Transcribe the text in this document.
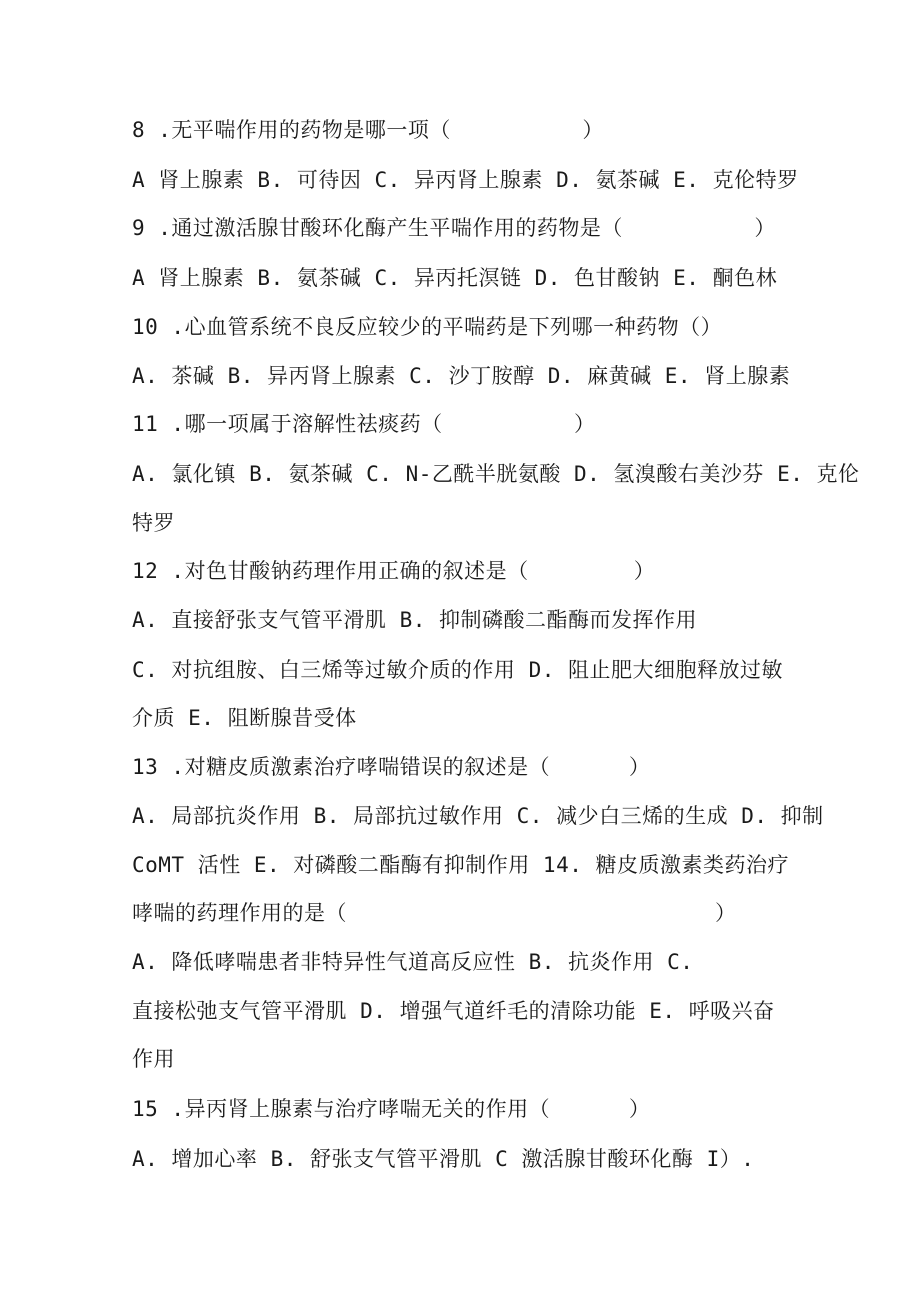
8 .无平喘作用的药物是哪一项（          ）
A 肾上腺素 B. 可待因 C. 异丙肾上腺素 D. 氨茶碱 E. 克伦特罗
9 .通过激活腺甘酸环化酶产生平喘作用的药物是（          ）
A 肾上腺素 B. 氨茶碱 C. 异丙托溟链 D. 色甘酸钠 E. 酮色林
10 .心血管系统不良反应较少的平喘药是下列哪一种药物（）
A. 茶碱 B. 异丙肾上腺素 C. 沙丁胺醇 D. 麻黄碱 E. 肾上腺素
11 .哪一项属于溶解性祛痰药（          ）
A. 氯化镇 B. 氨茶碱 C. N-乙酰半胱氨酸 D. 氢溴酸右美沙芬 E. 克伦
特罗
12 .对色甘酸钠药理作用正确的叙述是（        ）
A. 直接舒张支气管平滑肌 B. 抑制磷酸二酯酶而发挥作用
C. 对抗组胺、白三烯等过敏介质的作用 D. 阻止肥大细胞释放过敏
介质 E. 阻断腺昔受体
13 .对糖皮质激素治疗哮喘错误的叙述是（      ）
A. 局部抗炎作用 B. 局部抗过敏作用 C. 减少白三烯的生成 D. 抑制
CoMT 活性 E. 对磷酸二酯酶有抑制作用 14. 糖皮质激素类药治疗
哮喘的药理作用的是（                            ）
A. 降低哮喘患者非特异性气道高反应性 B. 抗炎作用 C.
直接松弛支气管平滑肌 D. 增强气道纤毛的清除功能 E. 呼吸兴奋
作用
15 .异丙肾上腺素与治疗哮喘无关的作用（      ）
A. 增加心率 B. 舒张支气管平滑肌 C 激活腺甘酸环化酶 I）.
